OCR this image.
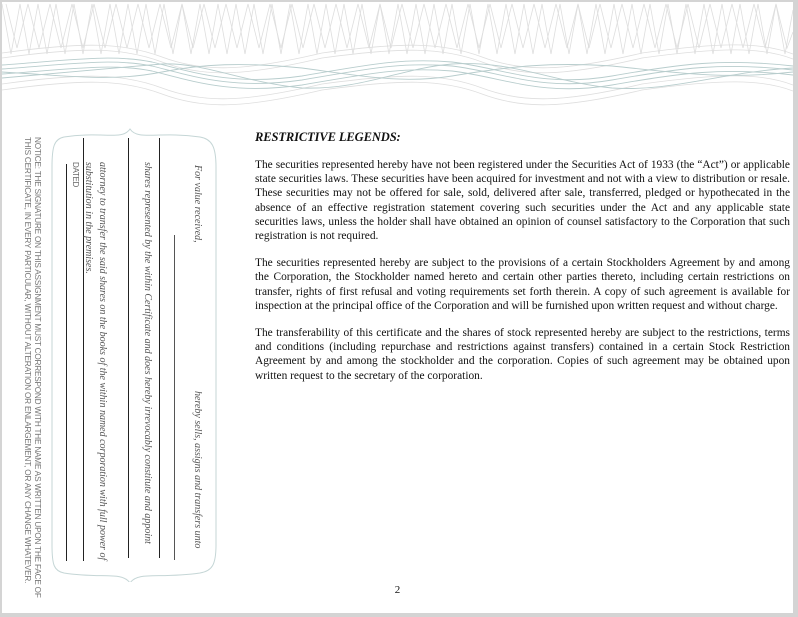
For value received,
hereby sells, assigns and transfers unto
shares represented by the within Certificate and does hereby irrevocably constitute and appoint
attorney to transfer the said shares on the books of the within named corporation with full power of
substitution in the premises.
DATED
NOTICE: THE SIGNATURE ON THIS ASSIGNMENT MUST CORRESPOND WITH THE NAME AS WRITTEN UPON THE FACE OF
THIS CERTIFICATE, IN EVERY PARTICULAR, WITHOUT ALTERATION OR ENLARGEMENT, OR ANY CHANGE WHATEVER.	RESTRICTIVE LEGENDS:

The securities represented hereby have not been registered under the Securities Act of 1933 (the “Act”) or applicable state securities laws. These securities have been acquired for investment and not with a view to distribution or resale. These securities may not be offered for sale, sold, delivered after sale, transferred, pledged or hypothecated in the absence of an effective registration statement covering such securities under the Act and any applicable state securities laws, unless the holder shall have obtained an opinion of counsel satisfactory to the Corporation that such registration is not required.

The securities represented hereby are subject to the provisions of a certain Stockholders Agreement by and among the Corporation, the Stockholder named hereto and certain other parties thereto, including certain restrictions on transfer, rights of first refusal and voting requirements set forth therein. A copy of such agreement is available for inspection at the principal office of the Corporation and will be furnished upon written request and without charge.

The transferability of this certificate and the shares of stock represented hereby are subject to the restrictions, terms and conditions (including repurchase and restrictions against transfers) contained in a certain Stock Restriction Agreement by and among the stockholder and the corporation. Copies of such agreement may be obtained upon written request to the secretary of the corporation.

2
